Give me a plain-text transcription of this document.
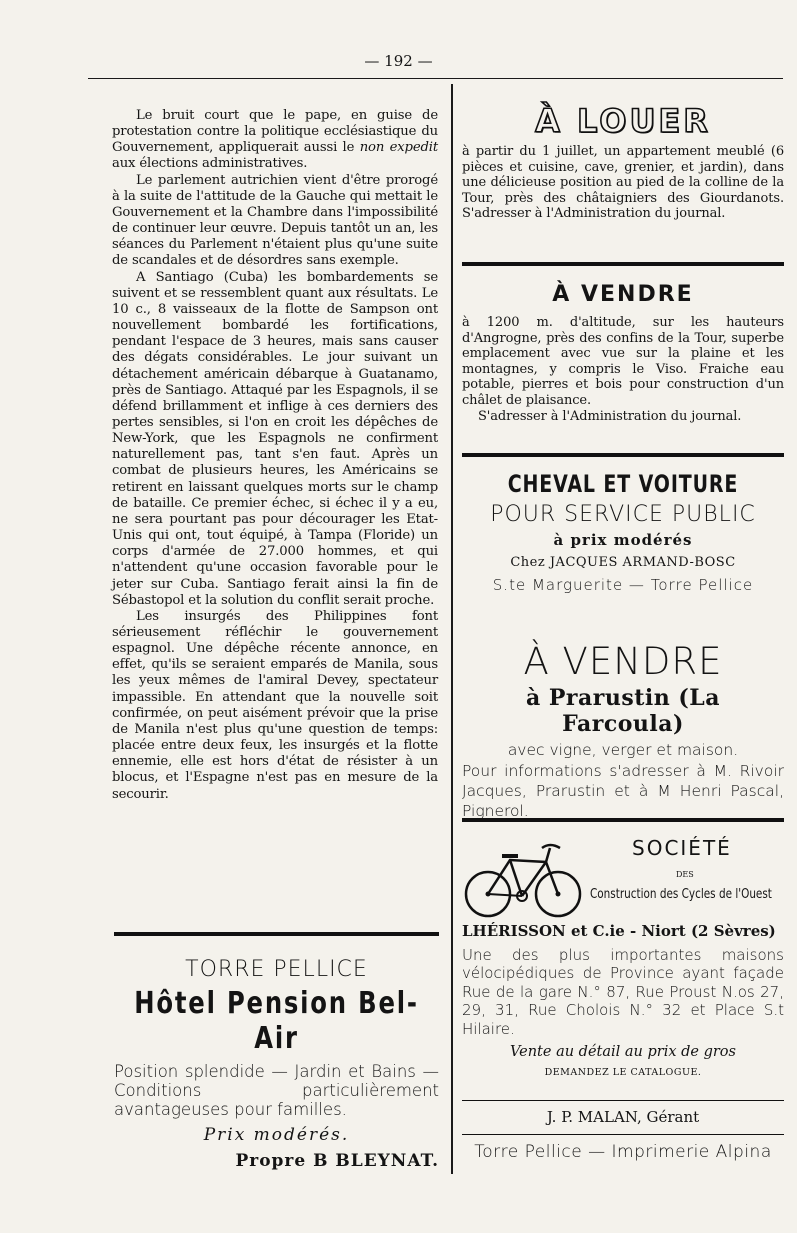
— 192 —

Le bruit court que le pape, en guise de protestation contre la politique ecclésiastique du Gouvernement, appliquerait aussi le non expedit aux élections administratives.

Le parlement autrichien vient d'être prorogé à la suite de l'attitude de la Gauche qui mettait le Gouvernement et la Chambre dans l'impossibilité de continuer leur œuvre. Depuis tantôt un an, les séances du Parlement n'étaient plus qu'une suite de scandales et de désordres sans exemple.

A Santiago (Cuba) les bombardements se suivent et se ressemblent quant aux résultats. Le 10 c., 8 vaisseaux de la flotte de Sampson ont nouvellement bombardé les fortifications, pendant l'espace de 3 heures, mais sans causer des dégats considérables. Le jour suivant un détachement américain débarque à Guatanamo, près de Santiago. Attaqué par les Espagnols, il se défend brillamment et inflige à ces derniers des pertes sensibles, si l'on en croit les dépêches de New-York, que les Espagnols ne confirment naturellement pas, tant s'en faut. Après un combat de plusieurs heures, les Américains se retirent en laissant quelques morts sur le champ de bataille. Ce premier échec, si échec il y a eu, ne sera pourtant pas pour décourager les Etat-Unis qui ont, tout équipé, à Tampa (Floride) un corps d'armée de 27.000 hommes, et qui n'attendent qu'une occasion favorable pour le jeter sur Cuba. Santiago ferait ainsi la fin de Sébastopol et la solution du conflit serait proche.

Les insurgés des Philippines font sérieusement réfléchir le gouvernement espagnol. Une dépêche récente annonce, en effet, qu'ils se seraient emparés de Manila, sous les yeux mêmes de l'amiral Devey, spectateur impassible. En attendant que la nouvelle soit confirmée, on peut aisément prévoir que la prise de Manila n'est plus qu'une question de temps: placée entre deux feux, les insurgés et la flotte ennemie, elle est hors d'état de résister à un blocus, et l'Espagne n'est pas en mesure de la secourir.

TORRE PELLICE
Hôtel Pension Bel-Air
Position splendide — Jardin et Bains — Conditions particulièrement avantageuses pour familles.
Prix modérés.
Propre B BLEYNAT.
À LOUER

à partir du 1 juillet, un appartement meublé (6 pièces et cuisine, cave, grenier, et jardin), dans une délicieuse position au pied de la colline de la Tour, près des châtaigniers des Giourdanots. S'adresser à l'Administration du journal.

À VENDRE

à 1200 m. d'altitude, sur les hauteurs d'Angrogne, près des confins de la Tour, superbe emplacement avec vue sur la plaine et les montagnes, y compris le Viso. Fraiche eau potable, pierres et bois pour construction d'un châlet de plaisance.

S'adresser à l'Administration du journal.

CHEVAL ET VOITURE
POUR SERVICE PUBLIC
à prix modérés
Chez JACQUES ARMAND-BOSC
S.te Marguerite — Torre Pellice
À VENDRE
à Prarustin (La Farcoula)
avec vigne, verger et maison.
Pour informations s'adresser à M. Rivoir Jacques, Prarustin et à M Henri Pascal, Pignerol.
SOCIÉTÉ
DES
Construction des Cycles de l'Ouest
LHÉRISSON et C.ie - Niort (2 Sèvres)
Une des plus importantes maisons vélocipédiques de Province ayant façade Rue de la gare N.° 87, Rue Proust N.os 27, 29, 31, Rue Cholois N.° 32 et Place S.t Hilaire.
Vente au détail au prix de gros
DEMANDEZ LE CATALOGUE.
J. P. MALAN, Gérant
Torre Pellice — Imprimerie Alpina
